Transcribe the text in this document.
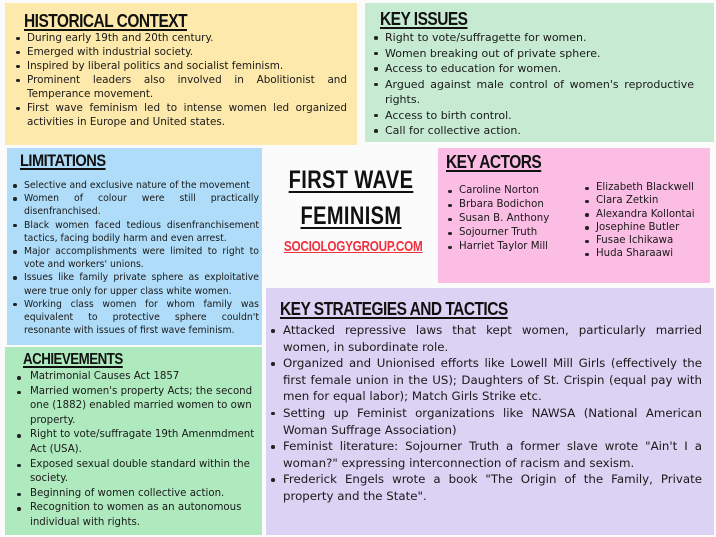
HISTORICAL CONTEXT
During early 19th and 20th century.
Emerged with industrial society.
Inspired by liberal politics and socialist feminism.
Prominent leaders also involved in Abolitionist and Temperance movement.
First wave feminism led to intense women led organized activities in Europe and United states.
KEY ISSUES
Right to vote/suffragette for women.
Women breaking out of private sphere.
Access to education for women.
Argued against male control of women's reproductive rights.
Access to birth control.
Call for collective action.
LIMITATIONS
Selective and exclusive nature of the movement
Women of colour were still practically disenfranchised.
Black women faced tedious disenfranchisement tactics, facing bodily harm and even arrest.
Major accomplishments were limited to right to vote and workers' unions.
Issues like family private sphere as exploitative were true only for upper class white women.
Working class women for whom family was equivalent to protective sphere couldn't resonante with issues of first wave feminism.
FIRST WAVE
FEMINISM
SOCIOLOGYGROUP.COM
KEY ACTORS
Caroline Norton
Brbara Bodichon
Susan B. Anthony
Sojourner Truth
Harriet Taylor Mill
Elizabeth Blackwell
Clara Zetkin
Alexandra Kollontai
Josephine Butler
Fusae Ichikawa
Huda Sharaawi
KEY STRATEGIES AND TACTICS
Attacked repressive laws that kept women, particularly married women, in subordinate role.
Organized and Unionised efforts like Lowell Mill Girls (effectively the first female union in the US); Daughters of St. Crispin (equal pay with men for equal labor); Match Girls Strike etc.
Setting up Feminist organizations like NAWSA (National American Woman Suffrage Association)
Feminist literature: Sojourner Truth a former slave wrote "Ain't I a woman?" expressing interconnection of racism and sexism.
Frederick Engels wrote a book "The Origin of the Family, Private property and the State".
ACHIEVEMENTS
Matrimonial Causes Act 1857
Married women's property Acts; the second one (1882) enabled married women to own property.
Right to vote/suffragate 19th Amenmdment Act (USA).
Exposed sexual double standard within the society.
Beginning of women collective action.
Recognition to women as an autonomous individual with rights.
